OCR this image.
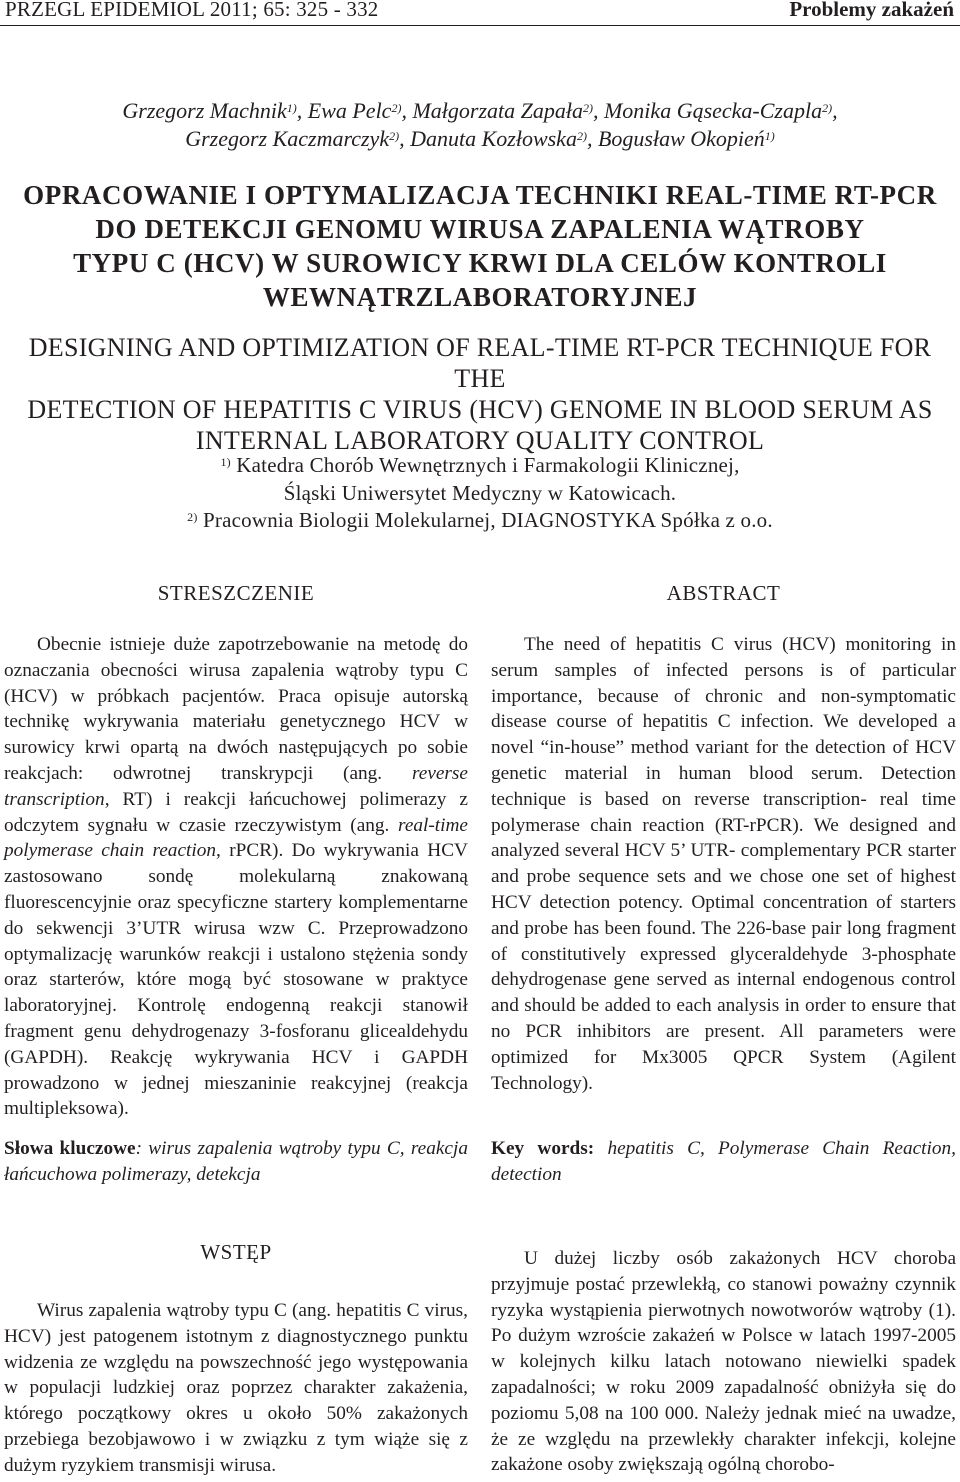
PRZEGL EPIDEMIOL 2011; 65: 325 - 332	Problemy zakażeń
Grzegorz Machnik$^{1)}$, Ewa Pelc$^{2)}$, Małgorzata Zapała$^{2)}$, Monika Gąsecka-Czapla$^{2)}$,
Grzegorz Kaczmarczyk$^{2)}$, Danuta Kozłowska$^{2)}$, Bogusław Okopień$^{1)}$
OPRACOWANIE I OPTYMALIZACJA TECHNIKI REAL-TIME RT-PCR
DO DETEKCJI GENOMU WIRUSA ZAPALENIA WĄTROBY
TYPU C (HCV) W SUROWICY KRWI DLA CELÓW KONTROLI
WEWNĄTRZLABORATORYJNEJ
DESIGNING AND OPTIMIZATION OF REAL-TIME RT-PCR TECHNIQUE FOR THE
DETECTION OF HEPATITIS C VIRUS (HCV) GENOME IN BLOOD SERUM AS
INTERNAL LABORATORY QUALITY CONTROL
$^{1)}$ Katedra Chorób Wewnętrznych i Farmakologii Klinicznej,
Śląski Uniwersytet Medyczny w Katowicach.
$^{2)}$ Pracownia Biologii Molekularnej, DIAGNOSTYKA Spółka z o.o.
STRESZCZENIE

Obecnie istnieje duże zapotrzebowanie na metodę do oznaczania obecności wirusa zapalenia wątroby typu C (HCV) w próbkach pacjentów. Praca opisuje autorską technikę wykrywania materiału genetycznego HCV w surowicy krwi opartą na dwóch następujących po sobie reakcjach: odwrotnej transkrypcji (ang. reverse transcription, RT) i reakcji łańcuchowej polimerazy z odczytem sygnału w czasie rzeczywistym (ang. real-time polymerase chain reaction, rPCR). Do wykrywania HCV zastosowano sondę molekularną znakowaną fluorescencyjnie oraz specyficzne startery komplementarne do sekwencji 3’UTR wirusa wzw C. Przeprowadzono optymalizację warunków reakcji i ustalono stężenia sondy oraz starterów, które mogą być stosowane w praktyce laboratoryjnej. Kontrolę endogenną reakcji stanowił fragment genu dehydrogenazy 3-fosforanu glicealdehydu (GAPDH). Reakcję wykrywania HCV i GAPDH prowadzono w jednej mieszaninie reakcyjnej (reakcja multipleksowa).

Słowa kluczowe: wirus zapalenia wątroby typu C, reakcja łańcuchowa polimerazy, detekcja

ABSTRACT

The need of hepatitis C virus (HCV) monitoring in serum samples of infected persons is of particular importance, because of chronic and non-symptomatic disease course of hepatitis C infection. We developed a novel “in-house” method variant for the detection of HCV genetic material in human blood serum. Detection technique is based on reverse transcription- real time polymerase chain reaction (RT-rPCR). We designed and analyzed several HCV 5’ UTR- complementary PCR starter and probe sequence sets and we chose one set of highest HCV detection potency. Optimal concentration of starters and probe has been found. The 226-base pair long fragment of constitutively expressed glyceraldehyde 3-phosphate dehydrogenase gene served as internal endogenous control and should be added to each analysis in order to ensure that no PCR inhibitors are present. All parameters were optimized for Mx3005 QPCR System (Agilent Technology).

Key words: hepatitis C, Polymerase Chain Reaction, detection

WSTĘP

Wirus zapalenia wątroby typu C (ang. hepatitis C virus, HCV) jest patogenem istotnym z diagnostycznego punktu widzenia ze względu na powszechność jego występowania w populacji ludzkiej oraz poprzez charakter zakażenia, którego początkowy okres u około 50% zakażonych przebiega bezobjawowo i w związku z tym wiąże się z dużym ryzykiem transmisji wirusa.

U dużej liczby osób zakażonych HCV choroba przyjmuje postać przewlekłą, co stanowi poważny czynnik ryzyka wystąpienia pierwotnych nowotworów wątroby (1). Po dużym wzroście zakażeń w Polsce w latach 1997-2005 w kolejnych kilku latach notowano niewielki spadek zapadalności; w roku 2009 zapadalność obniżyła się do poziomu 5,08 na 100 000. Należy jednak mieć na uwadze, że ze względu na przewlekły charakter infekcji, kolejne zakażone osoby zwiększają ogólną chorobo-
